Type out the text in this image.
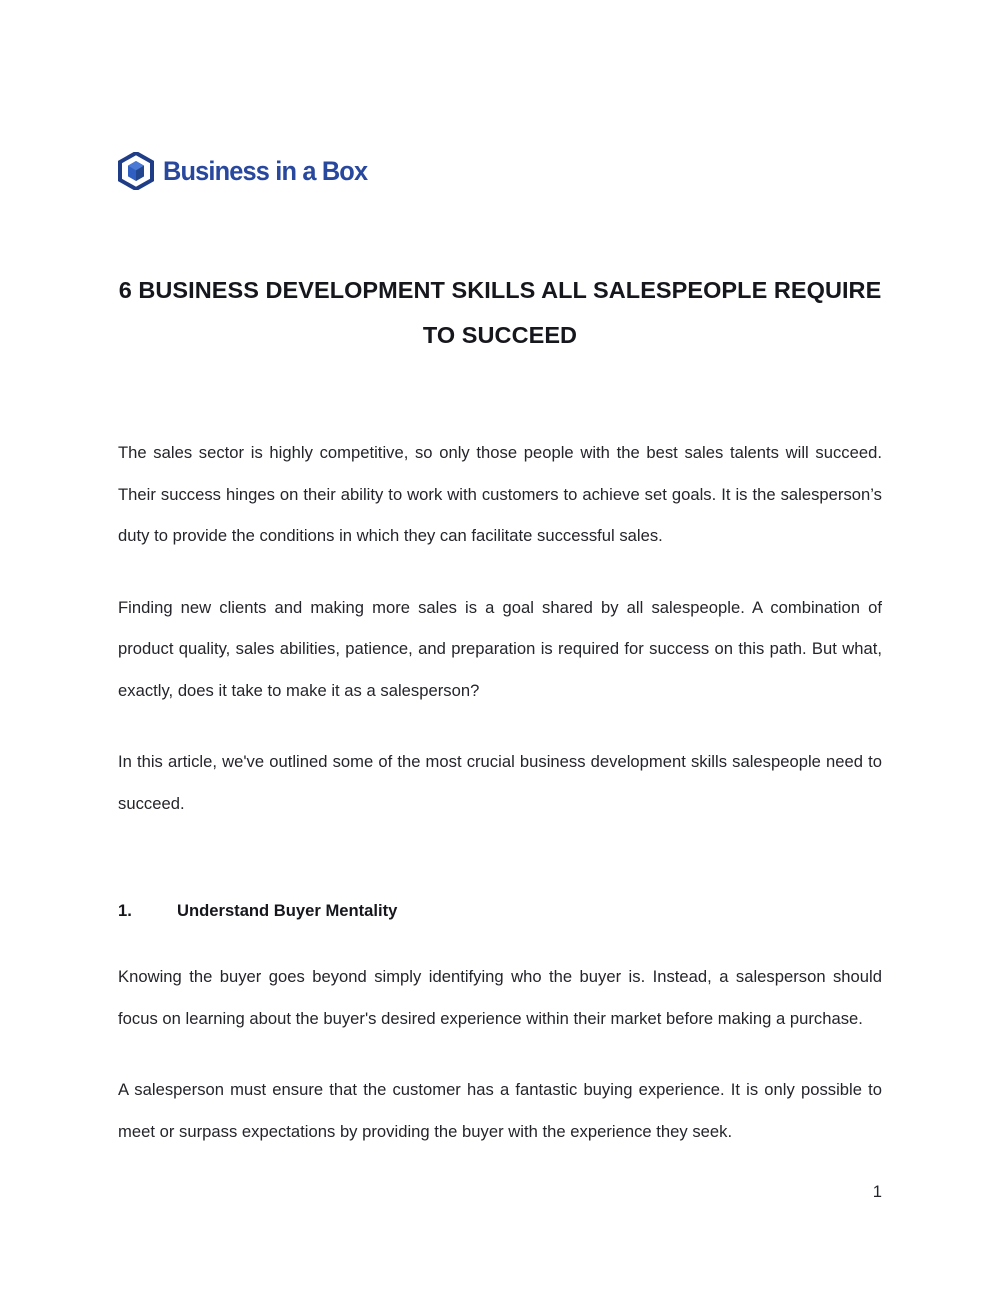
Business in a Box
6 BUSINESS DEVELOPMENT SKILLS ALL SALESPEOPLE REQUIRE TO SUCCEED

The sales sector is highly competitive, so only those people with the best sales talents will succeed. Their success hinges on their ability to work with customers to achieve set goals. It is the salesperson’s duty to provide the conditions in which they can facilitate successful sales.

Finding new clients and making more sales is a goal shared by all salespeople. A combination of product quality, sales abilities, patience, and preparation is required for success on this path. But what, exactly, does it take to make it as a salesperson?

In this article, we've outlined some of the most crucial business development skills salespeople need to succeed.

1.	Understand Buyer Mentality

Knowing the buyer goes beyond simply identifying who the buyer is. Instead, a salesperson should focus on learning about the buyer's desired experience within their market before making a purchase.

A salesperson must ensure that the customer has a fantastic buying experience. It is only possible to meet or surpass expectations by providing the buyer with the experience they seek.

1
